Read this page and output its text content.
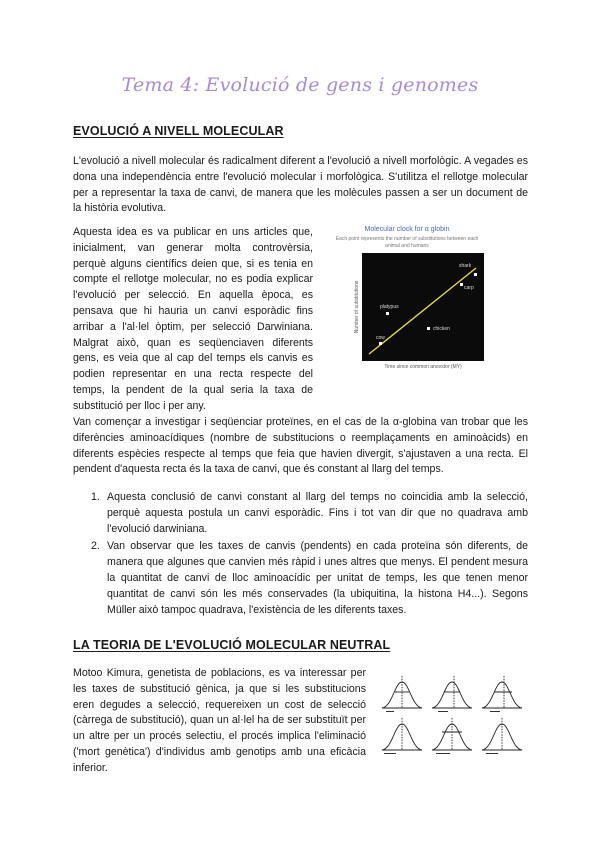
Tema 4: Evolució de gens i genomes
EVOLUCIÓ A NIVELL MOLECULAR

L'evolució a nivell molecular és radicalment diferent a l'evolució a nivell morfològic. A vegades es dona una independència entre l'evolució molecular i morfològica. S'utilitza el rellotge molecular per a representar la taxa de canvi, de manera que les molècules passen a ser un document de la història evolutiva.

Aquesta idea es va publicar en uns articles que, inicialment, van generar molta controvèrsia, perquè alguns científics deien que, si es tenia en compte el rellotge molecular, no es podia explicar l'evolució per selecció. En aquella època, es pensava que hi hauria un canvi esporàdic fins arribar a l'al·lel òptim, per selecció Darwiniana. Malgrat això, quan es seqüenciaven diferents gens, es veia que al cap del temps els canvis es podien representar en una recta respecte del temps, la pendent de la qual seria la taxa de substitució per lloc i per any.

Molecular clock for α globin
Each point represents the number of substitutions between each
animal and humans
cow
platypus
chicken
carp
shark
Number of substitutions
Time since common ancestor (MY)

Van començar a investigar i seqüenciar proteïnes, en el cas de la α-globina van trobar que les diferències aminoacídiques (nombre de substitucions o reemplaçaments en aminoàcids) en diferents espècies respecte al temps que feia que havien divergit, s'ajustaven a una recta. El pendent d'aquesta recta és la taxa de canvi, que és constant al llarg del temps.

1. Aquesta conclusió de canvi constant al llarg del temps no coincidia amb la selecció, perquè aquesta postula un canvi esporàdic. Fins i tot van dir que no quadrava amb l'evolució darwiniana.
2. Van observar que les taxes de canvis (pendents) en cada proteïna són diferents, de manera que algunes que canvien més ràpid i unes altres que menys. El pendent mesura la quantitat de canvi de lloc aminoacídic per unitat de temps, les que tenen menor quantitat de canvi són les més conservades (la ubiquitina, la histona H4...). Segons Müller això tampoc quadrava, l'existència de les diferents taxes.
LA TEORIA DE L'EVOLUCIÓ MOLECULAR NEUTRAL

Motoo Kimura, genetista de poblacions, es va interessar per les taxes de substitució gènica, ja que si les substitucions eren degudes a selecció, requereixen un cost de selecció (càrrega de substitució), quan un al·lel ha de ser substituït per un altre per un procés selectiu, el procés implica l'eliminació ('mort genètica') d'individus amb genotips amb una eficàcia inferior.
